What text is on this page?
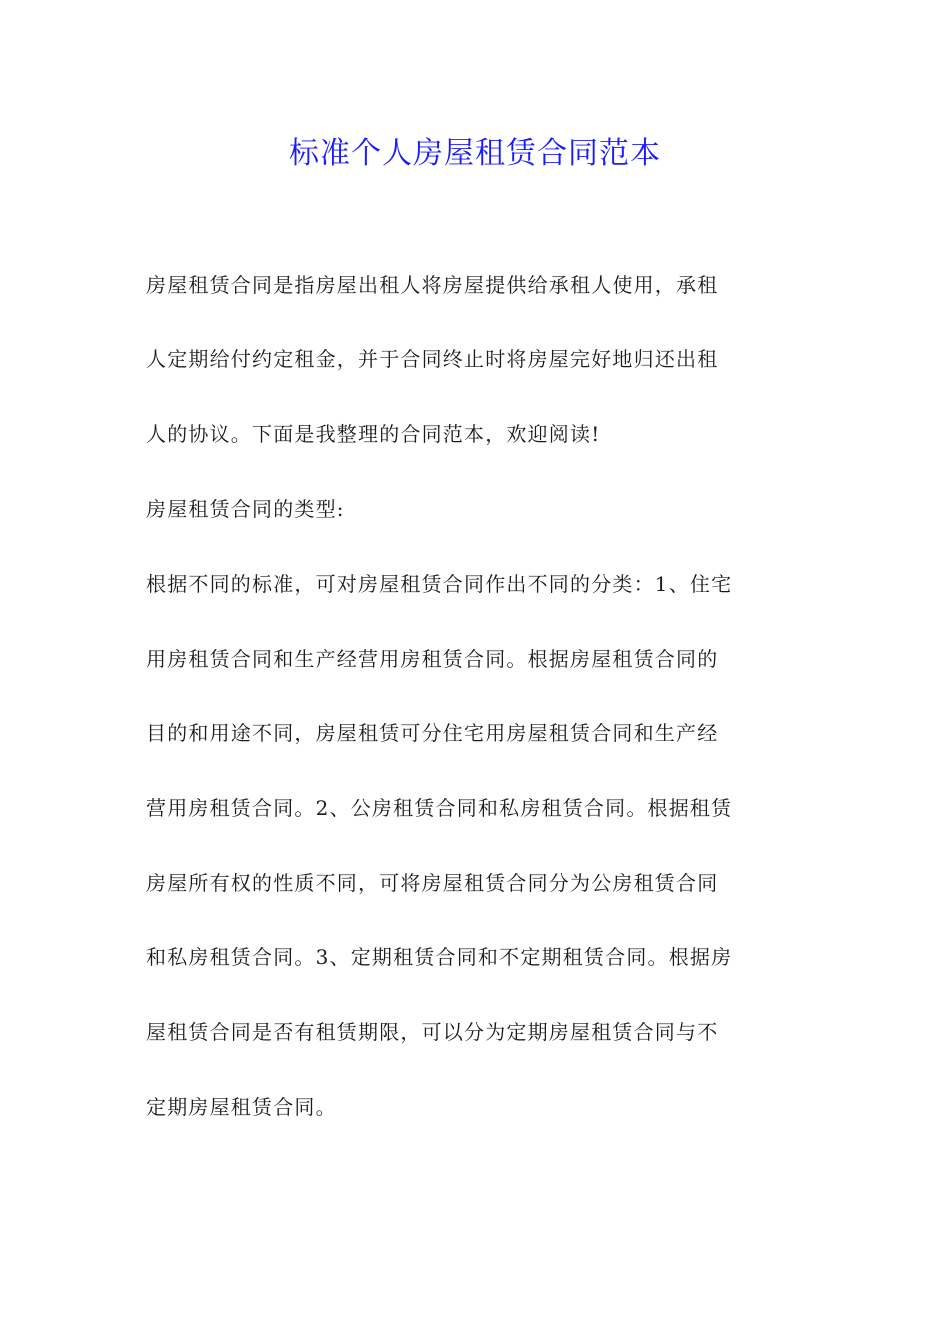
标准个人房屋租赁合同范本
房屋租赁合同是指房屋出租人将房屋提供给承租人使用，承租
人定期给付约定租金，并于合同终止时将房屋完好地归还出租
人的协议。下面是我整理的合同范本，欢迎阅读!
房屋租赁合同的类型:
根据不同的标准，可对房屋租赁合同作出不同的分类：1、住宅
用房租赁合同和生产经营用房租赁合同。根据房屋租赁合同的
目的和用途不同，房屋租赁可分住宅用房屋租赁合同和生产经
营用房租赁合同。2、公房租赁合同和私房租赁合同。根据租赁
房屋所有权的性质不同，可将房屋租赁合同分为公房租赁合同
和私房租赁合同。3、定期租赁合同和不定期租赁合同。根据房
屋租赁合同是否有租赁期限，可以分为定期房屋租赁合同与不
定期房屋租赁合同。
